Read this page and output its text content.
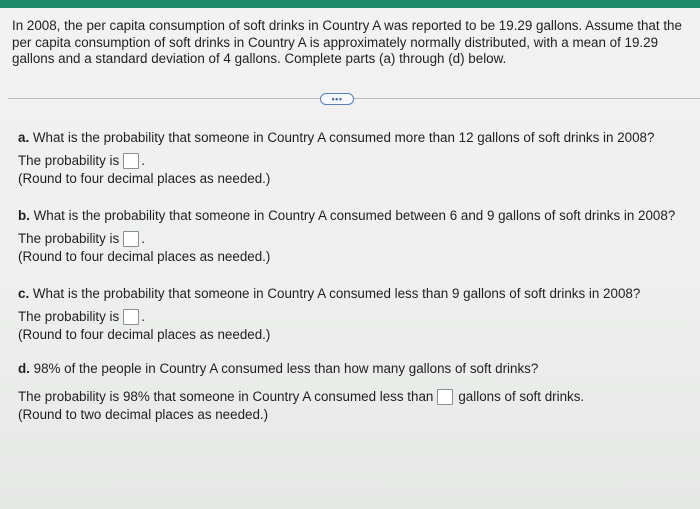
In 2008, the per capita consumption of soft drinks in Country A was reported to be 19.29 gallons. Assume that the
per capita consumption of soft drinks in Country A is approximately normally distributed, with a mean of 19.29
gallons and a standard deviation of 4 gallons. Complete parts (a) through (d) below.
•••

a. What is the probability that someone in Country A consumed more than 12 gallons of soft drinks in 2008?

The probability is .
(Round to four decimal places as needed.)

b. What is the probability that someone in Country A consumed between 6 and 9 gallons of soft drinks in 2008?

The probability is .
(Round to four decimal places as needed.)

c. What is the probability that someone in Country A consumed less than 9 gallons of soft drinks in 2008?

The probability is .
(Round to four decimal places as needed.)

d. 98% of the people in Country A consumed less than how many gallons of soft drinks?

The probability is 98% that someone in Country A consumed less than gallons of soft drinks.
(Round to two decimal places as needed.)
